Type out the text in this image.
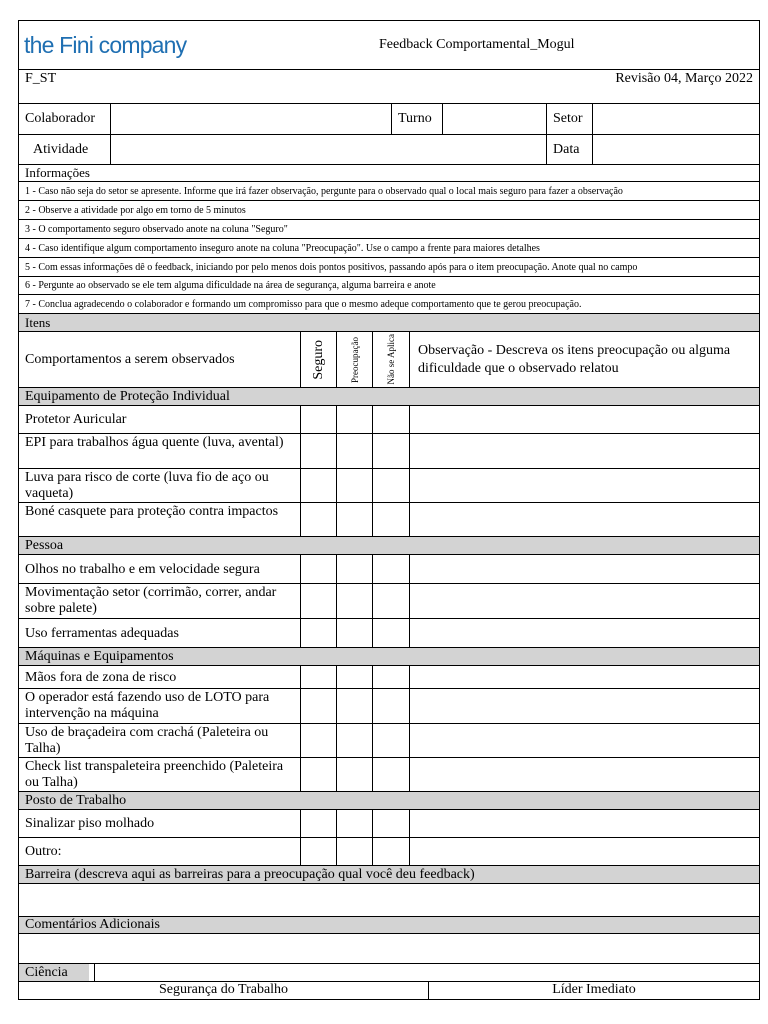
the Fini company	Feedback Comportamental_Mogul
F_ST	Revisão 04, Março 2022
Colaborador	Turno	Setor
Atividade	Data
Informações
1 - Caso não seja do setor se apresente. Informe que irá fazer observação, pergunte para o observado qual o local mais seguro para fazer a observação
2 - Observe a atividade por algo em torno de 5 minutos
3 - O comportamento seguro observado anote na coluna "Seguro"
4 - Caso identifique algum comportamento inseguro anote na coluna "Preocupação". Use o campo a frente para maiores detalhes
5 - Com essas informações dê o feedback, iniciando por pelo menos dois pontos positivos, passando após para o item preocupação. Anote qual no campo
6 - Pergunte ao observado se ele tem alguma dificuldade na área de segurança, alguma barreira e anote
7 - Conclua agradecendo o colaborador e formando um compromisso para que o mesmo adeque comportamento que te gerou preocupação.
Itens
Comportamentos a serem observados	Seguro	Preocupação	Não se Aplica	Observação - Descreva os itens preocupação ou alguma dificuldade que o observado relatou
Equipamento de Proteção Individual
Protetor Auricular
EPI para trabalhos água quente (luva, avental)
Luva para risco de corte (luva fio de aço ou vaqueta)
Boné casquete para proteção contra impactos
Pessoa
Olhos no trabalho e em velocidade segura
Movimentação setor (corrimão, correr, andar sobre palete)
Uso ferramentas adequadas
Máquinas e Equipamentos
Mãos fora de zona de risco
O operador está fazendo uso de LOTO para intervenção na máquina
Uso de braçadeira com crachá (Paleteira ou Talha)
Check list transpaleteira preenchido (Paleteira ou Talha)
Posto de Trabalho
Sinalizar piso molhado
Outro:
Barreira (descreva aqui as barreiras para a preocupação qual você deu feedback)
Comentários Adicionais
Ciência
Segurança do Trabalho	Líder Imediato
